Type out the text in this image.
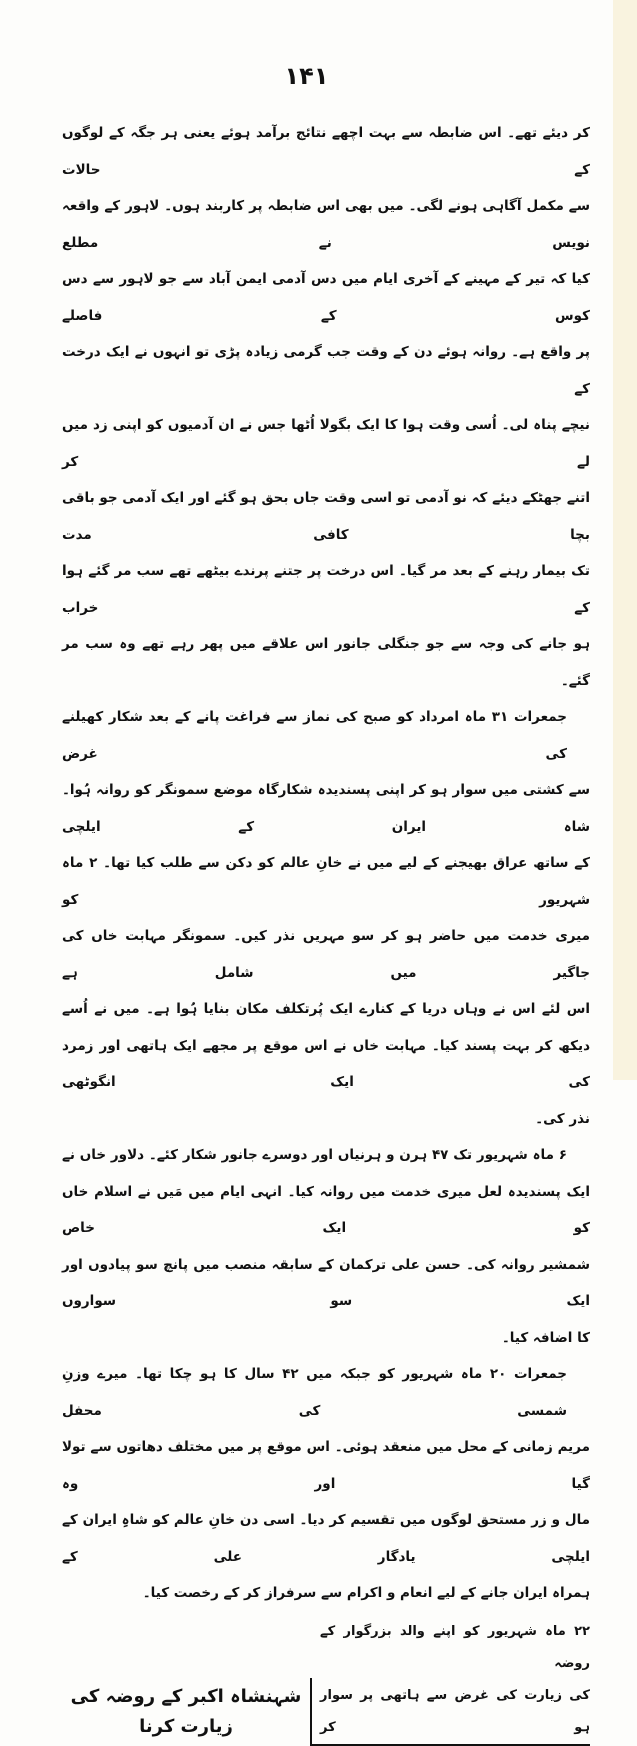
۱۴۱
کر دیئے تھے۔ اس ضابطہ سے بہت اچھے نتائج برآمد ہوئے یعنی ہر جگہ کے لوگوں کے حالات
سے مکمل آگاہی ہونے لگی۔ میں بھی اس ضابطہ پر کاربند ہوں۔ لاہور کے واقعہ نویس نے مطلع
کیا کہ تیر کے مہینے کے آخری ایام میں دس آدمی ایمن آباد سے جو لاہور سے دس کوس کے فاصلے
پر واقع ہے۔ روانہ ہوئے دن کے وقت جب گرمی زیادہ پڑی تو انہوں نے ایک درخت کے
نیچے پناہ لی۔ اُسی وقت ہوا کا ایک بگولا اُٹھا جس نے ان آدمیوں کو اپنی زد میں لے کر
اتنے جھٹکے دیئے کہ نو آدمی تو اسی وقت جاں بحق ہو گئے اور ایک آدمی جو باقی بچا کافی مدت
تک بیمار رہنے کے بعد مر گیا۔ اس درخت پر جتنے پرندے بیٹھے تھے سب مر گئے ہوا کے خراب
ہو جانے کی وجہ سے جو جنگلی جانور اس علاقے میں پھر رہے تھے وہ سب مر گئے۔
جمعرات ۳۱ ماہ امرداد کو صبح کی نماز سے فراغت پانے کے بعد شکار کھیلنے کی غرض
سے کشتی میں سوار ہو کر اپنی پسندیدہ شکارگاہ موضع سمونگر کو روانہ ہُوا۔ شاہ ایران کے ایلچی
کے ساتھ عراق بھیجنے کے لیے میں نے خانِ عالم کو دکن سے طلب کیا تھا۔ ۲ ماہ شہریور کو
میری خدمت میں حاضر ہو کر سو مہریں نذر کیں۔ سمونگر مہابت خاں کی جاگیر میں شامل ہے
اس لئے اس نے وہاں دریا کے کنارے ایک پُرتکلف مکان بنایا ہُوا ہے۔ میں نے اُسے
دیکھ کر بہت پسند کیا۔ مہابت خاں نے اس موقع پر مجھے ایک ہاتھی اور زمرد کی ایک انگوٹھی
نذر کی۔
۶ ماہ شہریور تک ۴۷ ہرن و ہرنیاں اور دوسرے جانور شکار کئے۔ دلاور خاں نے
ایک پسندیدہ لعل میری خدمت میں روانہ کیا۔ انہی ایام میں مَیں نے اسلام خاں کو ایک خاص
شمشیر روانہ کی۔ حسن علی ترکمان کے سابقہ منصب میں پانچ سو پیادوں اور ایک سو سواروں
کا اضافہ کیا۔
جمعرات ۲۰ ماہ شہریور کو جبکہ میں ۴۲ سال کا ہو چکا تھا۔ میرے وزنِ شمسی کی محفل
مریم زمانی کے محل میں منعقد ہوئی۔ اس موقع پر میں مختلف دھاتوں سے تولا گیا اور وہ
مال و زر مستحق لوگوں میں تقسیم کر دیا۔ اسی دن خانِ عالم کو شاہِ ایران کے ایلچی یادگار علی کے
ہمراہ ایران جانے کے لیے انعام و اکرام سے سرفراز کر کے رخصت کیا۔
۲۲ ماہ شہریور کو اپنے والد بزرگوار کے روضہ
کی زیارت کی غرض سے ہاتھی پر سوار ہو کر
شہنشاہ اکبر کے روضہ کی زیارت کرنا
